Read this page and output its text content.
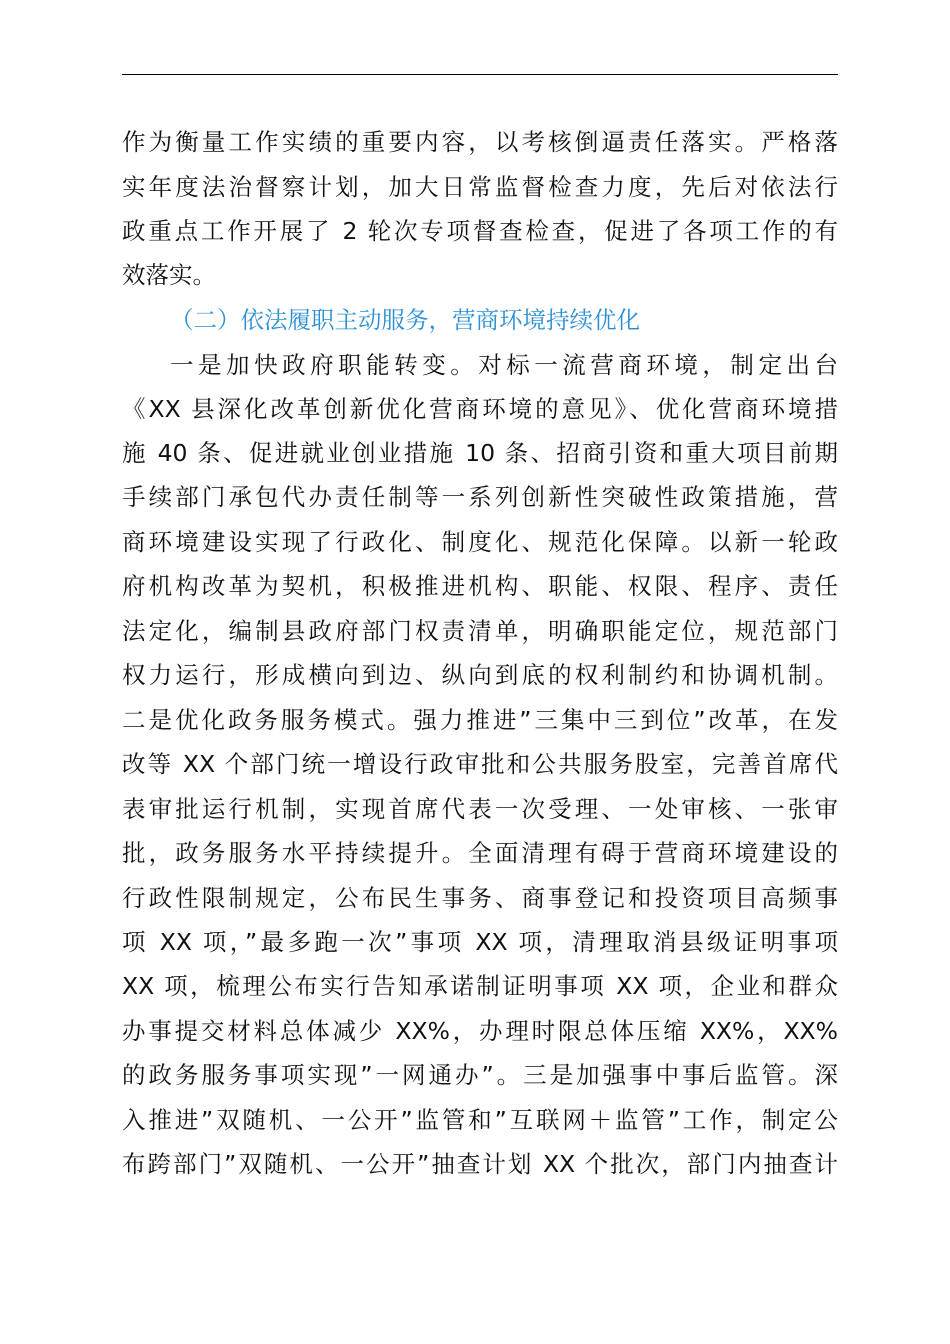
作为衡量工作实绩的重要内容，以考核倒逼责任落实。严格落
实年度法治督察计划，加大日常监督检查力度，先后对依法行
政重点工作开展了 2 轮次专项督查检查，促进了各项工作的有
效落实。
（二）依法履职主动服务，营商环境持续优化
一是加快政府职能转变。对标一流营商环境，制定出台
《XX 县深化改革创新优化营商环境的意见》、优化营商环境措
施 40 条、促进就业创业措施 10 条、招商引资和重大项目前期
手续部门承包代办责任制等一系列创新性突破性政策措施，营
商环境建设实现了行政化、制度化、规范化保障。以新一轮政
府机构改革为契机，积极推进机构、职能、权限、程序、责任
法定化，编制县政府部门权责清单，明确职能定位，规范部门
权力运行，形成横向到边、纵向到底的权利制约和协调机制。
二是优化政务服务模式。强力推进”三集中三到位”改革，在发
改等 XX 个部门统一增设行政审批和公共服务股室，完善首席代
表审批运行机制，实现首席代表一次受理、一处审核、一张审
批，政务服务水平持续提升。全面清理有碍于营商环境建设的
行政性限制规定，公布民生事务、商事登记和投资项目高频事
项 XX 项，”最多跑一次”事项 XX 项，清理取消县级证明事项
XX 项，梳理公布实行告知承诺制证明事项 XX 项，企业和群众
办事提交材料总体减少 XX%，办理时限总体压缩 XX%，XX%
的政务服务事项实现”一网通办”。三是加强事中事后监管。深
入推进”双随机、一公开”监管和”互联网＋监管”工作，制定公
布跨部门”双随机、一公开”抽查计划 XX 个批次，部门内抽查计
